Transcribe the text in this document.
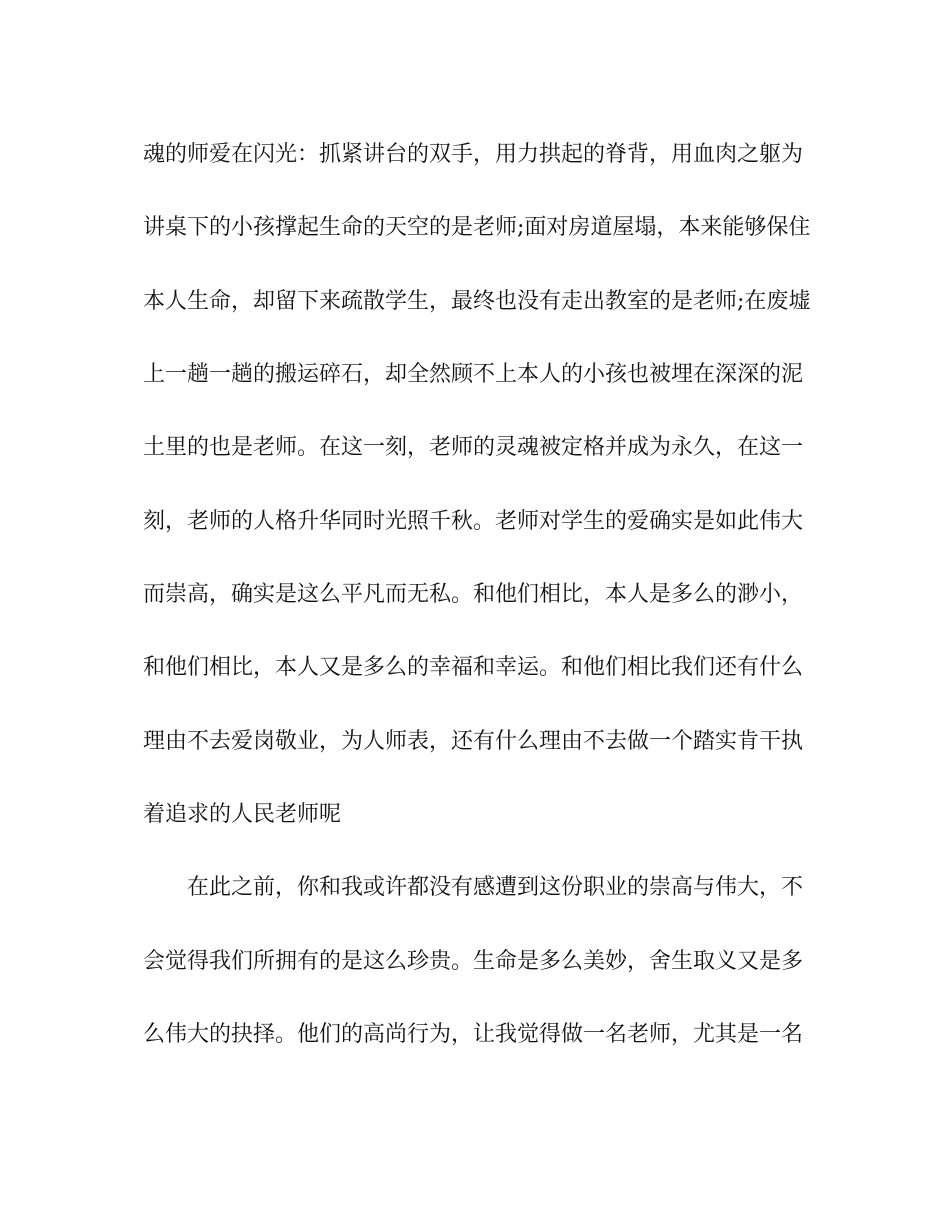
魂的师爱在闪光：抓紧讲台的双手，用力拱起的脊背，用血肉之躯为
讲桌下的小孩撑起生命的天空的是老师;面对房道屋塌，本来能够保住
本人生命，却留下来疏散学生，最终也没有走出教室的是老师;在废墟
上一趟一趟的搬运碎石，却全然顾不上本人的小孩也被埋在深深的泥
土里的也是老师。在这一刻，老师的灵魂被定格并成为永久，在这一
刻，老师的人格升华同时光照千秋。老师对学生的爱确实是如此伟大
而崇高，确实是这么平凡而无私。和他们相比，本人是多么的渺小，
和他们相比，本人又是多么的幸福和幸运。和他们相比我们还有什么
理由不去爱岗敬业，为人师表，还有什么理由不去做一个踏实肯干执
着追求的人民老师呢
在此之前，你和我或许都没有感遭到这份职业的崇高与伟大，不
会觉得我们所拥有的是这么珍贵。生命是多么美妙，舍生取义又是多
么伟大的抉择。他们的高尚行为，让我觉得做一名老师，尤其是一名
